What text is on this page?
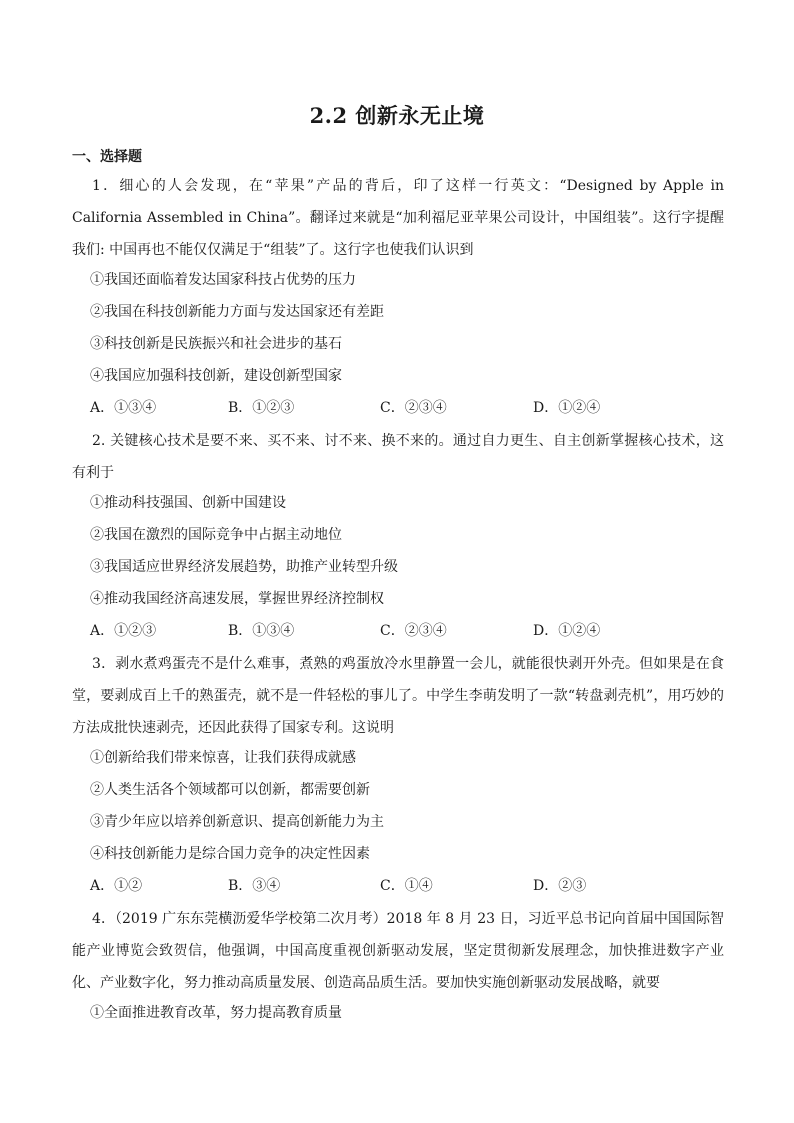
2.2 创新永无止境
一、选择题
1．细心的人会发现，在“苹果”产品的背后，印了这样一行英文：“Designed by Apple in California Assembled in China”。翻译过来就是“加利福尼亚苹果公司设计，中国组装”。这行字提醒我们: 中国再也不能仅仅满足于“组装”了。这行字也使我们认识到
①我国还面临着发达国家科技占优势的压力
②我国在科技创新能力方面与发达国家还有差距
③科技创新是民族振兴和社会进步的基石
④我国应加强科技创新，建设创新型国家
A．①③④	B．①②③	C．②③④	D．①②④
2. 关键核心技术是要不来、买不来、讨不来、换不来的。通过自力更生、自主创新掌握核心技术，这有利于
①推动科技强国、创新中国建设
②我国在激烈的国际竞争中占据主动地位
③我国适应世界经济发展趋势，助推产业转型升级
④推动我国经济高速发展，掌握世界经济控制权
A．①②③	B．①③④	C．②③④	D．①②④
3．剥水煮鸡蛋壳不是什么难事，煮熟的鸡蛋放冷水里静置一会儿，就能很快剥开外壳。但如果是在食堂，要剥成百上千的熟蛋壳，就不是一件轻松的事儿了。中学生李萌发明了一款“转盘剥壳机”，用巧妙的方法成批快速剥壳，还因此获得了国家专利。这说明
①创新给我们带来惊喜，让我们获得成就感
②人类生活各个领域都可以创新，都需要创新
③青少年应以培养创新意识、提高创新能力为主
④科技创新能力是综合国力竞争的决定性因素
A．①②	B．③④	C．①④	D．②③
4．（2019 广东东莞横沥爱华学校第二次月考）2018 年 8 月 23 日，习近平总书记向首届中国国际智能产业博览会致贺信，他强调，中国高度重视创新驱动发展，坚定贯彻新发展理念，加快推进数字产业化、产业数字化，努力推动高质量发展、创造高品质生活。要加快实施创新驱动发展战略，就要
①全面推进教育改革，努力提高教育质量
